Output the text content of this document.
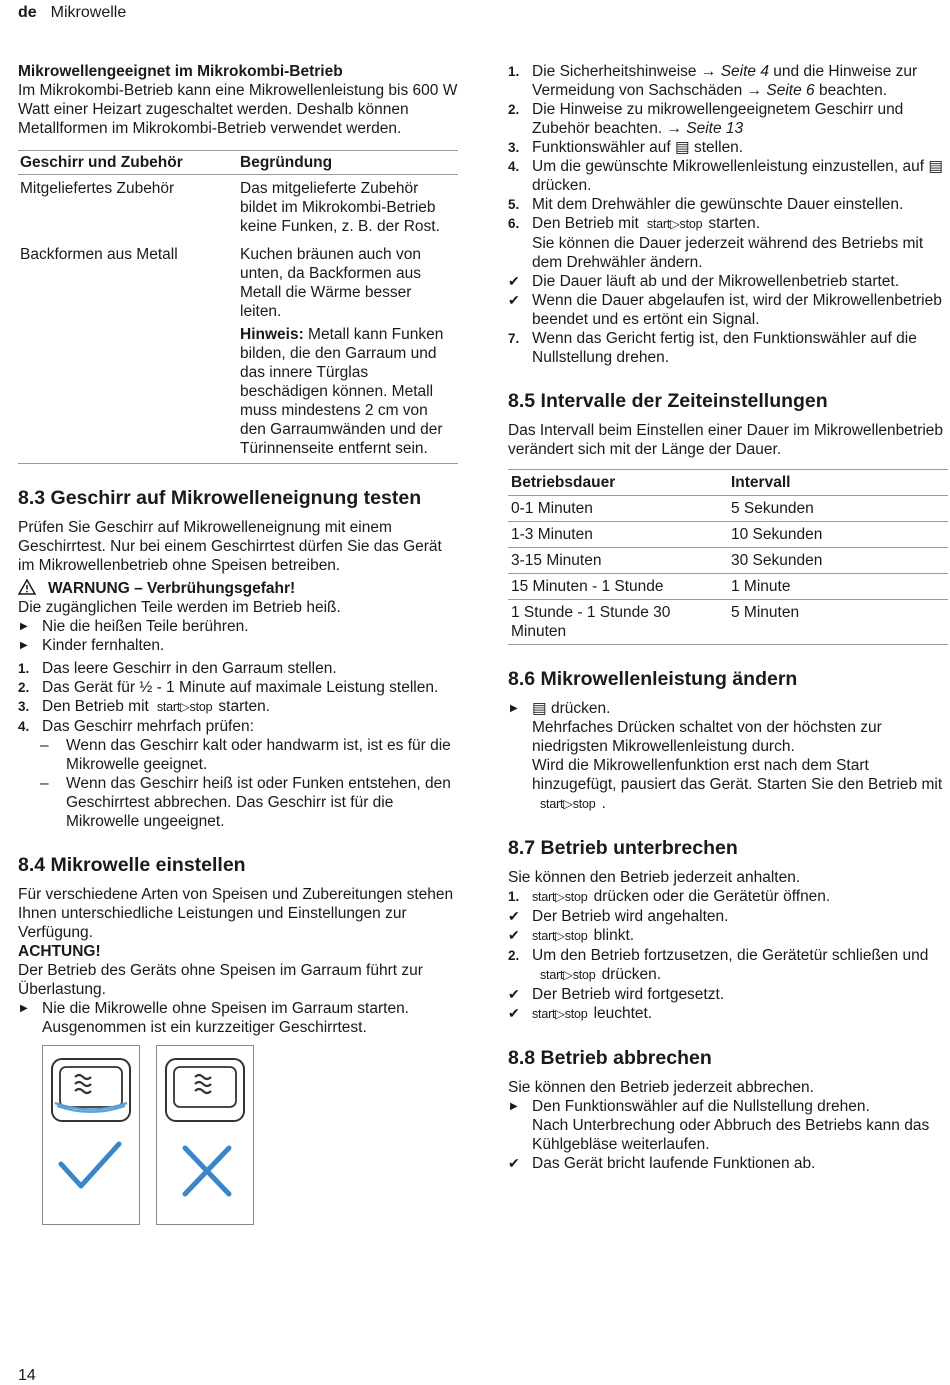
de Mikrowelle

Mikrowellengeeignet im Mikrokombi-Betrieb

Im Mikrokombi-Betrieb kann eine Mikrowellenleistung bis 600 W Watt einer Heizart zugeschaltet werden. Deshalb können Metallformen im Mikrokombi-Betrieb verwendet werden.

Geschirr und Zubehör	Begründung
Mitgeliefertes Zubehör	Das mitgelieferte Zubehör bildet im Mikrokombi-Betrieb keine Funken, z. B. der Rost.
Backformen aus Metall	Kuchen bräunen auch von unten, da Backformen aus Metall die Wärme besser leiten.

Hinweis: Metall kann Funken bilden, die den Garraum und das innere Türglas beschädigen können. Metall muss mindestens 2 cm von den Garraumwänden und der Türinnenseite entfernt sein.

8.3 Geschirr auf Mikrowelleneignung testen

Prüfen Sie Geschirr auf Mikrowelleneignung mit einem Geschirrtest. Nur bei einem Geschirrtest dürfen Sie das Gerät im Mikrowellenbetrieb ohne Speisen betreiben.

WARNUNG – Verbrühungsgefahr!

Die zugänglichen Teile werden im Betrieb heiß.

▶ Nie die heißen Teile berühren.
▶ Kinder fernhalten.
1. Das leere Geschirr in den Garraum stellen.
2. Das Gerät für ½ - 1 Minute auf maximale Leistung stellen.
3. Den Betrieb mit start▷stop starten.
4. Das Geschirr mehrfach prüfen:
– Wenn das Geschirr kalt oder handwarm ist, ist es für die Mikrowelle geeignet.
– Wenn das Geschirr heiß ist oder Funken entstehen, den Geschirrtest abbrechen. Das Geschirr ist für die Mikrowelle ungeeignet.
8.4 Mikrowelle einstellen

Für verschiedene Arten von Speisen und Zubereitungen stehen Ihnen unterschiedliche Leistungen und Einstellungen zur Verfügung.

ACHTUNG!

Der Betrieb des Geräts ohne Speisen im Garraum führt zur Überlastung.

▶ Nie die Mikrowelle ohne Speisen im Garraum starten. Ausgenommen ist ein kurzzeitiger Geschirrtest.
1. Die Sicherheitshinweise → Seite 4 und die Hinweise zur Vermeidung von Sachschäden → Seite 6 beachten.
2. Die Hinweise zu mikrowellengeeignetem Geschirr und Zubehör beachten. → Seite 13
3. Funktionswähler auf ▤ stellen.
4. Um die gewünschte Mikrowellenleistung einzustellen, auf ▤ drücken.
5. Mit dem Drehwähler die gewünschte Dauer einstellen.
6. Den Betrieb mit start▷stop starten.
Sie können die Dauer jederzeit während des Betriebs mit dem Drehwähler ändern.
✔ Die Dauer läuft ab und der Mikrowellenbetrieb startet.
✔ Wenn die Dauer abgelaufen ist, wird der Mikrowellenbetrieb beendet und es ertönt ein Signal.
7. Wenn das Gericht fertig ist, den Funktionswähler auf die Nullstellung drehen.
8.5 Intervalle der Zeiteinstellungen

Das Intervall beim Einstellen einer Dauer im Mikrowellenbetrieb verändert sich mit der Länge der Dauer.

Betriebsdauer	Intervall
0-1 Minuten	5 Sekunden
1-3 Minuten	10 Sekunden
3-15 Minuten	30 Sekunden
15 Minuten - 1 Stunde	1 Minute
1 Stunde - 1 Stunde 30 Minuten	5 Minuten
8.6 Mikrowellenleistung ändern
▶ ▤ drücken.
Mehrfaches Drücken schaltet von der höchsten zur niedrigsten Mikrowellenleistung durch.
Wird die Mikrowellenfunktion erst nach dem Start hinzugefügt, pausiert das Gerät. Starten Sie den Betrieb mitstart▷stop .
8.7 Betrieb unterbrechen

Sie können den Betrieb jederzeit anhalten.

1. start▷stop drücken oder die Gerätetür öffnen.
✔ Der Betrieb wird angehalten.
✔ start▷stop blinkt.
2. Um den Betrieb fortzusetzen, die Gerätetür schließen undstart▷stop drücken.
✔ Der Betrieb wird fortgesetzt.
✔ start▷stop leuchtet.
8.8 Betrieb abbrechen

Sie können den Betrieb jederzeit abbrechen.

▶ Den Funktionswähler auf die Nullstellung drehen.
Nach Unterbrechung oder Abbruch des Betriebs kann das Kühlgebläse weiterlaufen.
✔ Das Gerät bricht laufende Funktionen ab.
14
